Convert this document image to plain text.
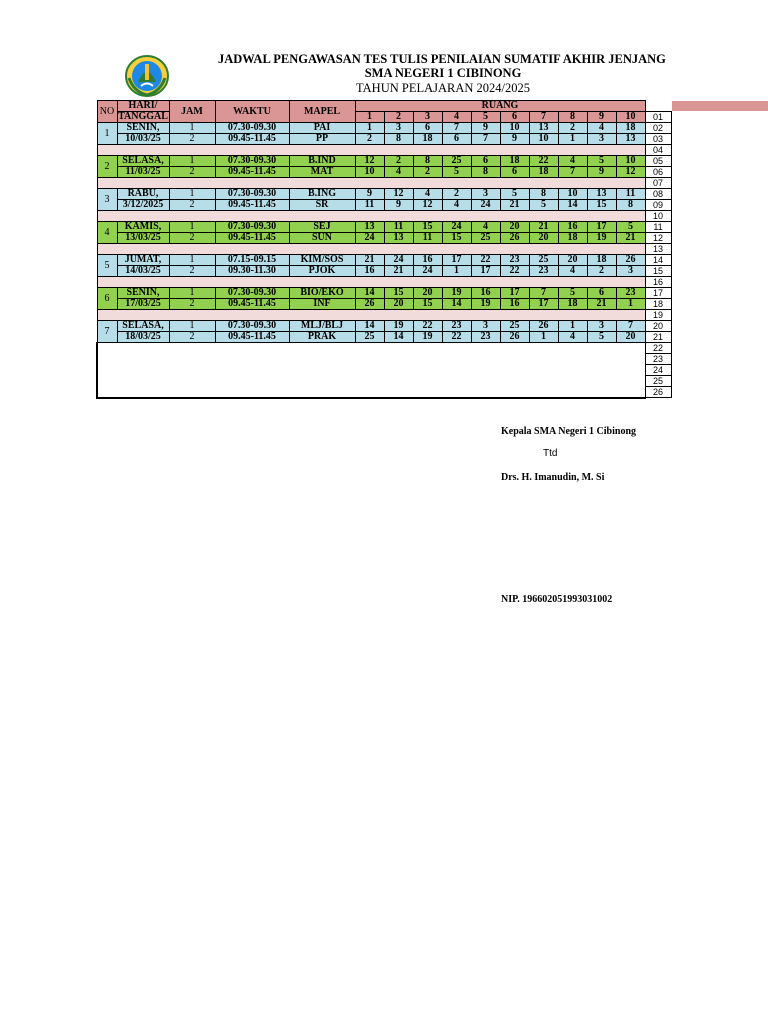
JADWAL PENGAWASAN TES TULIS PENILAIAN SUMATIF AKHIR JENJANG
SMA NEGERI 1 CIBINONG
TAHUN PELAJARAN 2024/2025
NO	HARI/	JAM	WAKTU	MAPEL	RUANG										
	TANGGAL				1	2	3	4	5	6	7	8	9	10	01
1	SENIN,	1	07.30-09.30	PAI	1	3	6	7	9	10	13	2	4	18	02
	10/03/25	2	09.45-11.45	PP	2	8	18	6	7	9	10	1	3	13	03
															04
2	SELASA,	1	07.30-09.30	B.IND	12	2	8	25	6	18	22	4	5	10	05
	11/03/25	2	09.45-11.45	MAT	10	4	2	5	8	6	18	7	9	12	06
															07
3	RABU,	1	07.30-09.30	B.ING	9	12	4	2	3	5	8	10	13	11	08
	3/12/2025	2	09.45-11.45	SR	11	9	12	4	24	21	5	14	15	8	09
															10
4	KAMIS,	1	07.30-09.30	SEJ	13	11	15	24	4	20	21	16	17	5	11
	13/03/25	2	09.45-11.45	SUN	24	13	11	15	25	26	20	18	19	21	12
															13
5	JUMAT,	1	07.15-09.15	KIM/SOS	21	24	16	17	22	23	25	20	18	26	14
	14/03/25	2	09.30-11.30	PJOK	16	21	24	1	17	22	23	4	2	3	15
															16
6	SENIN,	1	07.30-09.30	BIO/EKO	14	15	20	19	16	17	7	5	6	23	17
	17/03/25	2	09.45-11.45	INF	26	20	15	14	19	16	17	18	21	1	18
															19
7	SELASA,	1	07.30-09.30	MLJ/BLJ	14	19	22	23	3	25	26	1	3	7	20
	18/03/25	2	09.45-11.45	PRAK	25	14	19	22	23	26	1	4	5	20	21
															22
															23
															24
															25
															26
Kepala SMA Negeri 1 Cibinong
Ttd
Drs. H. Imanudin, M. Si
NIP. 196602051993031002
